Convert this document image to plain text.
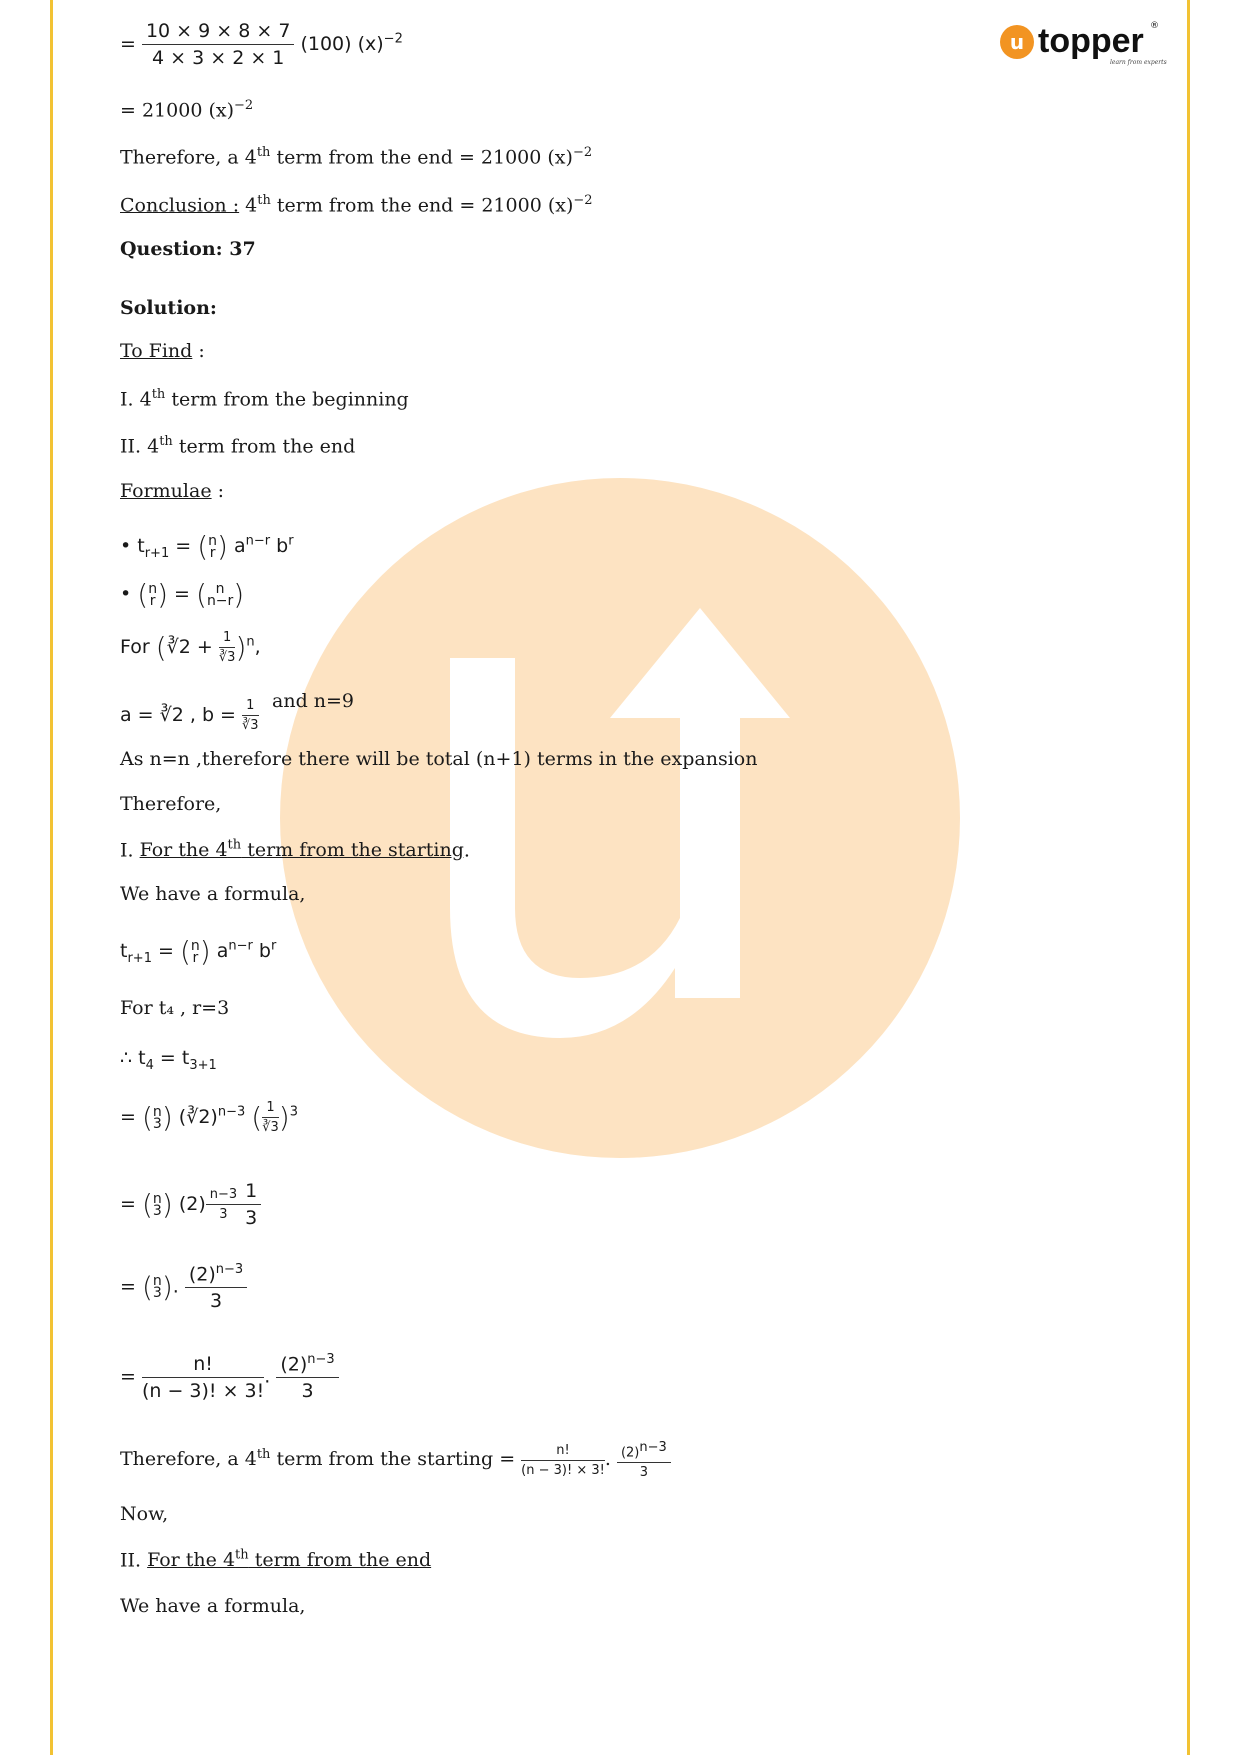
u topper
learn from experts
®
= $\frac{10 \times 9 \times 8 \times 7}{4 \times 3 \times 2 \times 1} (100)$ $(x)^{-2}$
= 21000 $(x)^{-2}$
Therefore, a 4th term from the end = 21000 $(x)^{-2}$
Conclusion : 4th term from the end = 21000 $(x)^{-2}$
Question: 37
Solution:
To Find :
I. 4th term from the beginning
II. 4th term from the end
Formulae :
• $t_{r+1} = (n$
r) $a^{n-r}$ $b^r$
• (n
r) = ( n
n−r)
For (∛2 + $\frac{1}{∛3} )^n$,
a = ∛2 , $b = \frac{1}{∛3}$ and n=9
As n=n ,therefore there will be total (n+1) terms in the expansion
Therefore,
I. For the 4th term from the starting.
We have a formula,
$t_{r+1} = (n$
r) $a^{n-r}$ $b^r$
For t₄ , r=3
∴ $t_4 = t_{3+1}$
= (n
3) (∛2)$^{n-3}$ ( $\frac{1}{∛3} )^3$
= (n
3) $(2) \frac{n-3}{3} \frac{1}{3}$
= (n
3). $\frac{(2)^{n-3}}{3}$
= $\frac{n!}{(n - 3)! \times 3!}$ . $\frac{(2)^{n-3}}{3}$
Therefore, a 4th term from the starting = $\frac{n!}{(n - 3)! \times 3!}$ . $\frac{(2)^{n-3}}{3}$
Now,
II. For the 4th term from the end
We have a formula,
